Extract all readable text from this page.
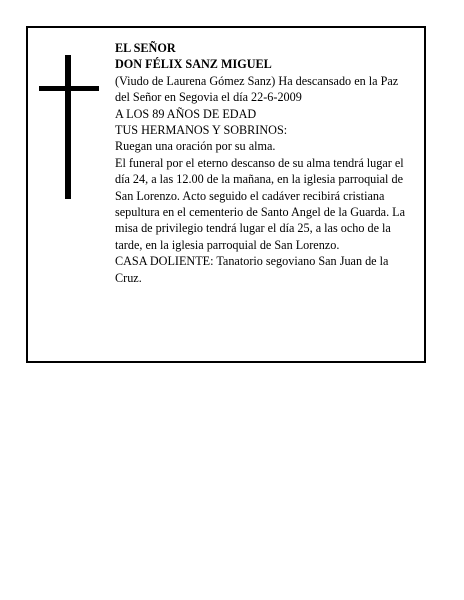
EL SEÑOR

DON FÉLIX SANZ MIGUEL

(Viudo de Laurena Gómez Sanz) Ha descansado en la Paz del Señor en Segovia el día 22-6-2009

A LOS 89 AÑOS DE EDAD

TUS HERMANOS Y SOBRINOS:

Ruegan una oración por su alma.

El funeral por el eterno descanso de su alma tendrá lugar el día 24, a las 12.00 de la mañana, en la iglesia parroquial de San Lorenzo. Acto seguido el cadáver recibirá cristiana sepultura en el cementerio de Santo Angel de la Guarda. La misa de privilegio tendrá lugar el día 25, a las ocho de la tarde, en la iglesia parroquial de San Lorenzo.

CASA DOLIENTE: Tanatorio segoviano San Juan de la Cruz.
